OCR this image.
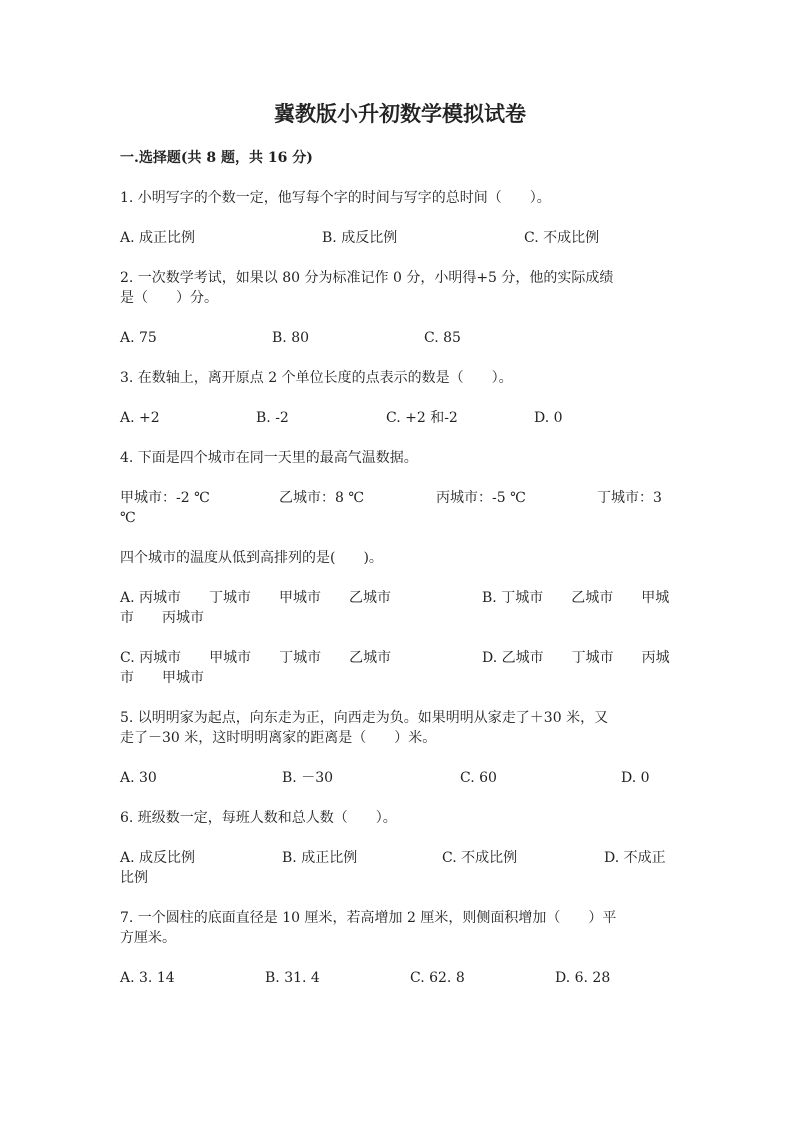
冀教版小升初数学模拟试卷
一.选择题(共 8 题，共 16 分)
1. 小明写字的个数一定，他写每个字的时间与写字的总时间（　　）。
A. 成正比例	B. 成反比例	C. 不成比例
2. 一次数学考试，如果以 80 分为标准记作 0 分，小明得+5 分，他的实际成绩
是（　　）分。
A. 75	B. 80	C. 85
3. 在数轴上，离开原点 2 个单位长度的点表示的数是（　　）。
A. +2	B. -2	C. +2 和-2	D. 0
4. 下面是四个城市在同一天里的最高气温数据。
甲城市：-2 ℃	乙城市：8 ℃	丙城市：-5 ℃	丁城市：3
℃
四个城市的温度从低到高排列的是(　　)。
A. 丙城市　　丁城市　　甲城市　　乙城市	B. 丁城市　　乙城市　　甲城
市　　丙城市
C. 丙城市　　甲城市　　丁城市　　乙城市	D. 乙城市　　丁城市　　丙城
市　　甲城市
5. 以明明家为起点，向东走为正，向西走为负。如果明明从家走了＋30 米，又
走了－30 米，这时明明离家的距离是（　　）米。
A. 30	B. －30	C. 60	D. 0
6. 班级数一定，每班人数和总人数（　　）。
A. 成反比例	B. 成正比例	C. 不成比例	D. 不成正
比例
7. 一个圆柱的底面直径是 10 厘米，若高增加 2 厘米，则侧面积增加（　　）平
方厘米。
A. 3. 14	B. 31. 4	C. 62. 8	D. 6. 28
